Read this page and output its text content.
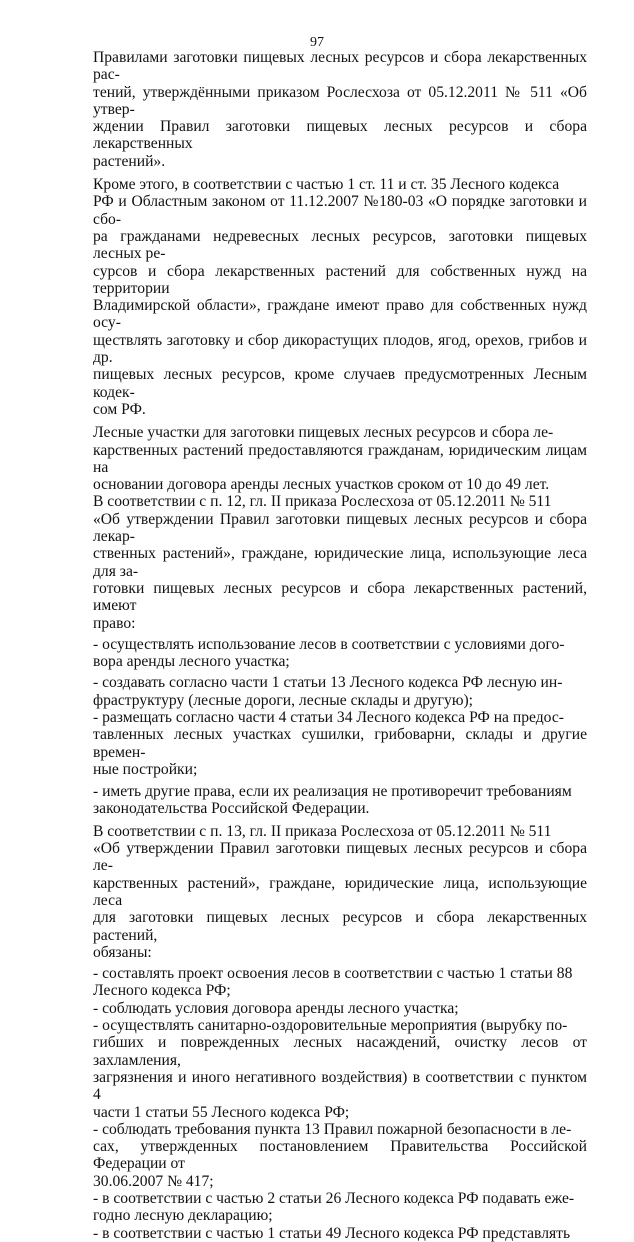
97

Правилами заготовки пищевых лесных ресурсов и сбора лекарственных рас-
тений, утверждёнными приказом Рослесхоза от 05.12.2011 № 511 «Об утвер-
ждении Правил заготовки пищевых лесных ресурсов и сбора лекарственных
растений».

Кроме этого, в соответствии с частью 1 ст. 11 и ст. 35 Лесного кодекса
РФ и Областным законом от 11.12.2007 №180-03 «О порядке заготовки и сбо-
ра гражданами недревесных лесных ресурсов, заготовки пищевых лесных ре-
сурсов и сбора лекарственных растений для собственных нужд на территории
Владимирской области», граждане имеют право для собственных нужд осу-
ществлять заготовку и сбор дикорастущих плодов, ягод, орехов, грибов и др.
пищевых лесных ресурсов, кроме случаев предусмотренных Лесным кодек-
сом РФ.

Лесные участки для заготовки пищевых лесных ресурсов и сбора ле-
карственных растений предоставляются гражданам, юридическим лицам на
основании договора аренды лесных участков сроком от 10 до 49 лет.

В соответствии с п. 12, гл. II приказа Рослесхоза от 05.12.2011 № 511
«Об утверждении Правил заготовки пищевых лесных ресурсов и сбора лекар-
ственных растений», граждане, юридические лица, использующие леса для за-
готовки пищевых лесных ресурсов и сбора лекарственных растений, имеют
право:

- осуществлять использование лесов в соответствии с условиями дого-
вора аренды лесного участка;

- создавать согласно части 1 статьи 13 Лесного кодекса РФ лесную ин-
фраструктуру (лесные дороги, лесные склады и другую);

- размещать согласно части 4 статьи 34 Лесного кодекса РФ на предос-
тавленных лесных участках сушилки, грибоварни, склады и другие времен-
ные постройки;

- иметь другие права, если их реализация не противоречит требованиям
законодательства Российской Федерации.

В соответствии с п. 13, гл. II приказа Рослесхоза от 05.12.2011 № 511
«Об утверждении Правил заготовки пищевых лесных ресурсов и сбора ле-
карственных растений», граждане, юридические лица, использующие леса
для заготовки пищевых лесных ресурсов и сбора лекарственных растений,
обязаны:

- составлять проект освоения лесов в соответствии с частью 1 статьи 88
Лесного кодекса РФ;

- соблюдать условия договора аренды лесного участка;

- осуществлять санитарно-оздоровительные мероприятия (вырубку по-
гибших и поврежденных лесных насаждений, очистку лесов от захламления,
загрязнения и иного негативного воздействия) в соответствии с пунктом 4
части 1 статьи 55 Лесного кодекса РФ;

- соблюдать требования пункта 13 Правил пожарной безопасности в ле-
сах, утвержденных постановлением Правительства Российской Федерации от
30.06.2007 № 417;

- в соответствии с частью 2 статьи 26 Лесного кодекса РФ подавать еже-
годно лесную декларацию;

- в соответствии с частью 1 статьи 49 Лесного кодекса РФ представлять
